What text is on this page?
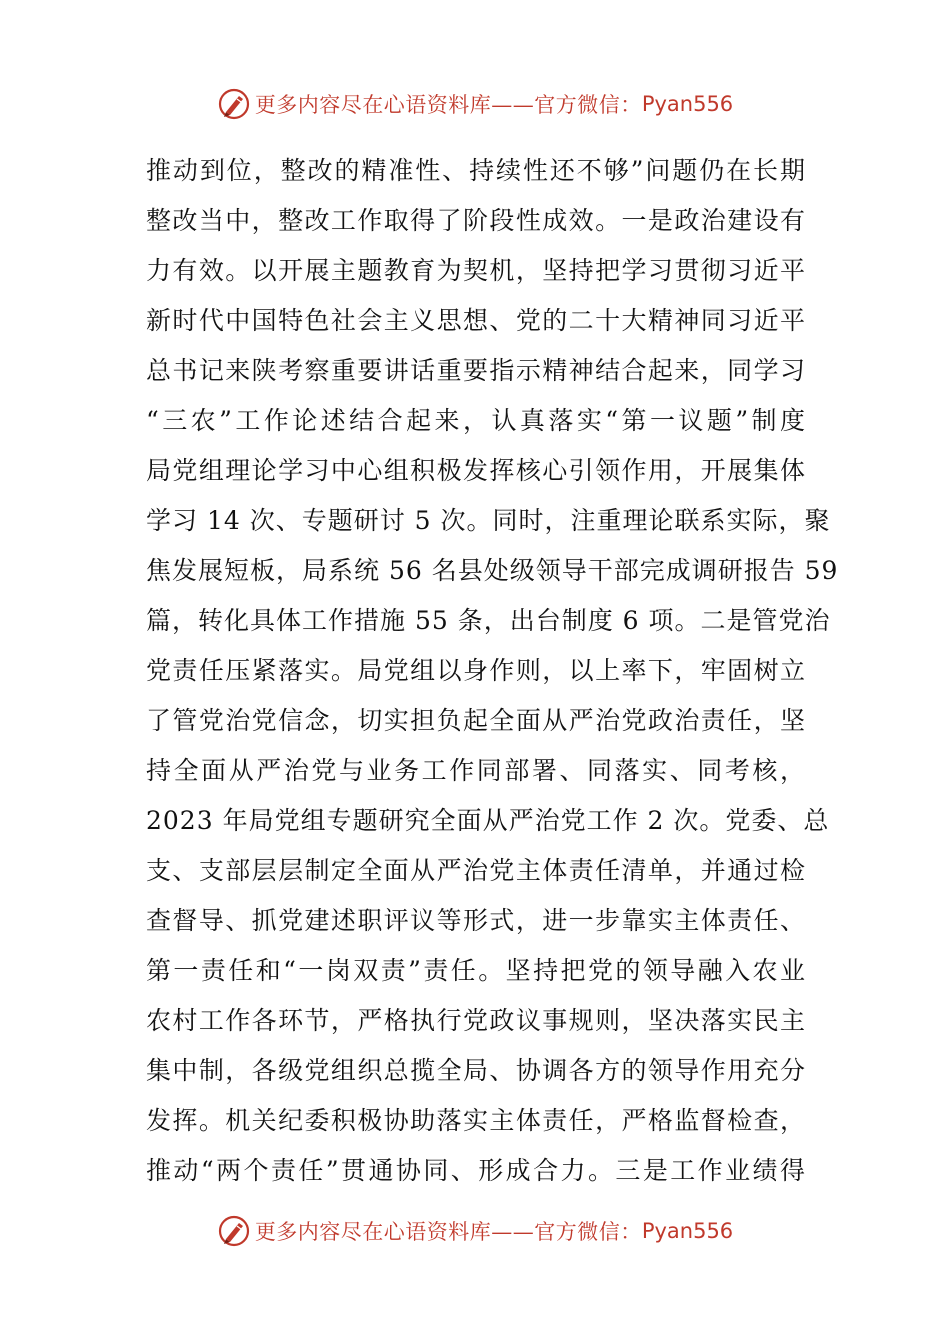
更多内容尽在心语资料库——官方微信： Pyan556
推动到位，整改的精准性、持续性还不够”问题仍在长期
整改当中，整改工作取得了阶段性成效。一是政治建设有
力有效。以开展主题教育为契机，坚持把学习贯彻习近平
新时代中国特色社会主义思想、党的二十大精神同习近平
总书记来陕考察重要讲话重要指示精神结合起来，同学习
“三农”工作论述结合起来，认真落实“第一议题”制度
局党组理论学习中心组积极发挥核心引领作用，开展集体
学习 14 次、专题研讨 5 次。同时，注重理论联系实际，聚
焦发展短板，局系统 56 名县处级领导干部完成调研报告 59
篇，转化具体工作措施 55 条，出台制度 6 项。二是管党治
党责任压紧落实。局党组以身作则，以上率下，牢固树立
了管党治党信念，切实担负起全面从严治党政治责任，坚
持全面从严治党与业务工作同部署、同落实、同考核，
2023 年局党组专题研究全面从严治党工作 2 次。党委、总
支、支部层层制定全面从严治党主体责任清单，并通过检
查督导、抓党建述职评议等形式，进一步靠实主体责任、
第一责任和“一岗双责”责任。坚持把党的领导融入农业
农村工作各环节，严格执行党政议事规则，坚决落实民主
集中制，各级党组织总揽全局、协调各方的领导作用充分
发挥。机关纪委积极协助落实主体责任，严格监督检查，
推动“两个责任”贯通协同、形成合力。三是工作业绩得
更多内容尽在心语资料库——官方微信： Pyan556
